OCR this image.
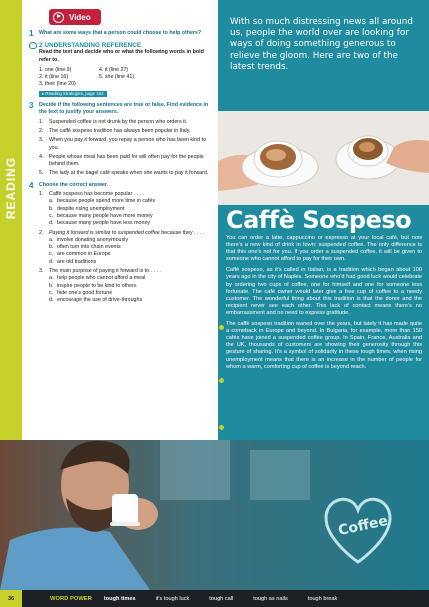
READING
Video
1	What are some ways that a person could choose to help others?
2 UNDERSTANDING REFERENCE
Read the text and decide who or what the following words in bold refer to.
1. one (line 9)	4. it (line 27)
2. it (line 16)	5. she (line 41)
3. their (line 20)
▸ Reading Strategies, page 152
3	Decide if the following sentences are true or false. Find evidence in the text to justify your answers.
1.	Suspended coffee is not drunk by the person who orders it.
2.	The caffè sospeso tradition has always been popular in Italy.
3.	When you pay it forward, you repay a person who has been kind to you.
4.	People whose meal has been paid for will often pay for the people behind them.
5.	The lady at the bagel café speaks when she wants to pay it forward.
4	Choose the correct answer.
1.	Caffè sospeso has become popular . . . .
a. because people spend more time in cafés
b. despite rising unemployment
c. because many people have more money
d. because many people have less money
2.	Paying it forward is similar to suspended coffee because they . . . .
a. involve donating anonymously
b. often turn into chain events
c. are common in Europe
d. are old traditions
3.	The main purpose of paying it forward is to . . . .
a. help people who cannot afford a meal
b. inspire people to be kind to others
c. hide one's good fortune
d. encourage the use of drive-throughs
With so much distressing news all around us, people the world over are looking for ways of doing something generous to relieve the gloom. Here are two of the latest trends.
Caffè Sospeso

You can order a latte, cappuccino or espresso at your local café, but now there's a new kind of drink in town: suspended coffee. The only difference is that this one's not for you. If you order a suspended coffee, it will be given to someone who cannot afford to pay for their own.

Caffè sospeso, as it's called in Italian, is a tradition which began about 100 years ago in the city of Naples. Someone who'd had good luck would celebrate by ordering two cups of coffee, one for himself and one for someone less fortunate. The café owner would later give a free cup of coffee to a needy customer. The wonderful thing about this tradition is that the donor and the recipient never see each other. This lack of contact means there's no embarrassment and no need to express gratitude.

The caffè sospeso tradition waned over the years, but lately it has made quite a comeback in Europe and beyond. In Bulgaria, for example, more than 150 cafés have joined a suspended coffee group. In Spain, France, Australia and the UK, thousands of customers are showing their generosity through this gesture of sharing. It's a symbol of solidarity in these tough times, when rising unemployment means that there is an increase in the number of people for whom a warm, comforting cup of coffee is beyond reach.

Coffee
36	WORD POWER tough times	it's tough luck	tough call	tough as nails	tough break
